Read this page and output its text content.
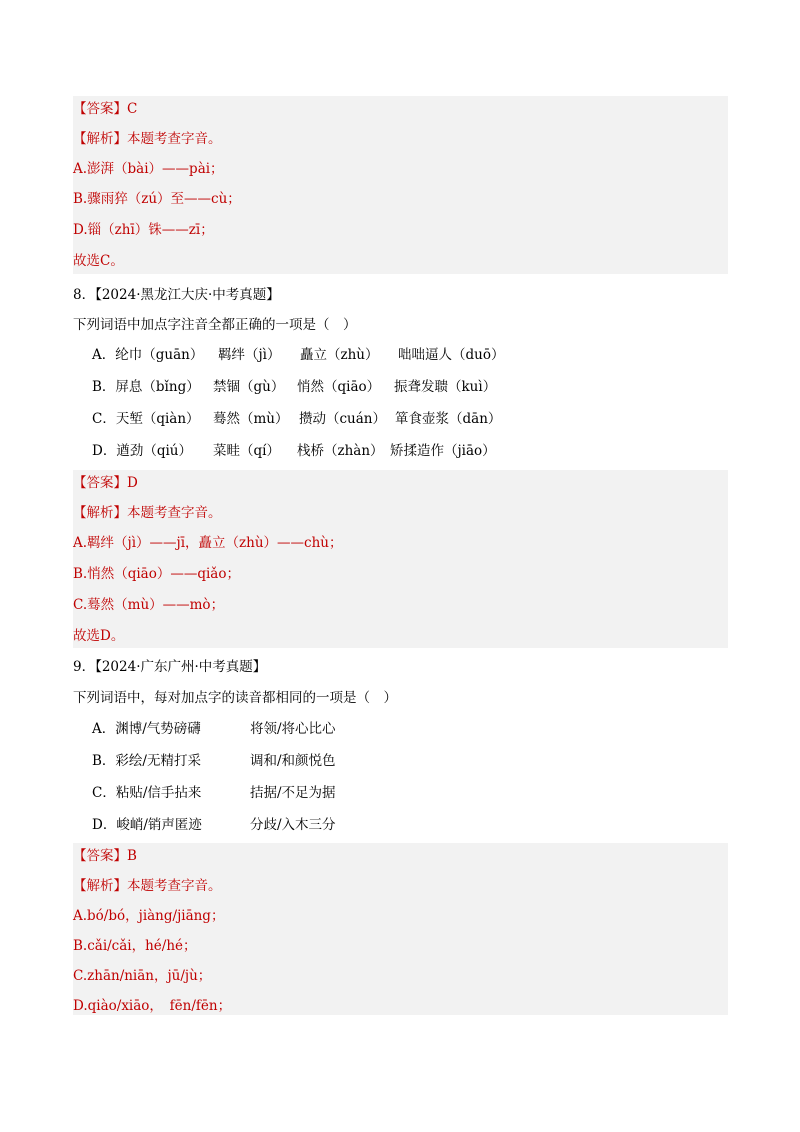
【答案】C
【解析】本题考查字音。
A.澎湃（bài）——pài；
B.骤雨猝（zú）至——cù；
D.锱（zhī）铢——zī；
故选C。
8．【2024·黑龙江大庆·中考真题】
下列词语中加点字注音全都正确的一项是（　）
A．纶巾（guān） 羁绊（jì） 矗立（zhù） 咄咄逼人（duō）
B．屏息（bǐng） 禁锢（gù） 悄然（qiāo） 振聋发聩（kuì）
C．天堑（qiàn） 蓦然（mù） 攒动（cuán） 箪食壶浆（dān）
D．遒劲（qiú） 菜畦（qí） 栈桥（zhàn） 矫揉造作（jiāo）
【答案】D
【解析】本题考查字音。
A.羁绊（jì）——jī，矗立（zhù）——chù；
B.悄然（qiāo）——qiǎo；
C.蓦然（mù）——mò；
故选D。
9．【2024·广东广州·中考真题】
下列词语中，每对加点字的读音都相同的一项是（　）
A．渊博/气势磅礴	将领/将心比心
B．彩绘/无精打采	调和/和颜悦色
C．粘贴/信手拈来	拮据/不足为据
D．峻峭/销声匿迹	分歧/入木三分
【答案】B
【解析】本题考查字音。
A.bó/bó，jiàng/jiāng；
B.cǎi/cǎi，hé/hé；
C.zhān/niān，jū/jù；
D.qiào/xiāo，　fēn/fēn；
